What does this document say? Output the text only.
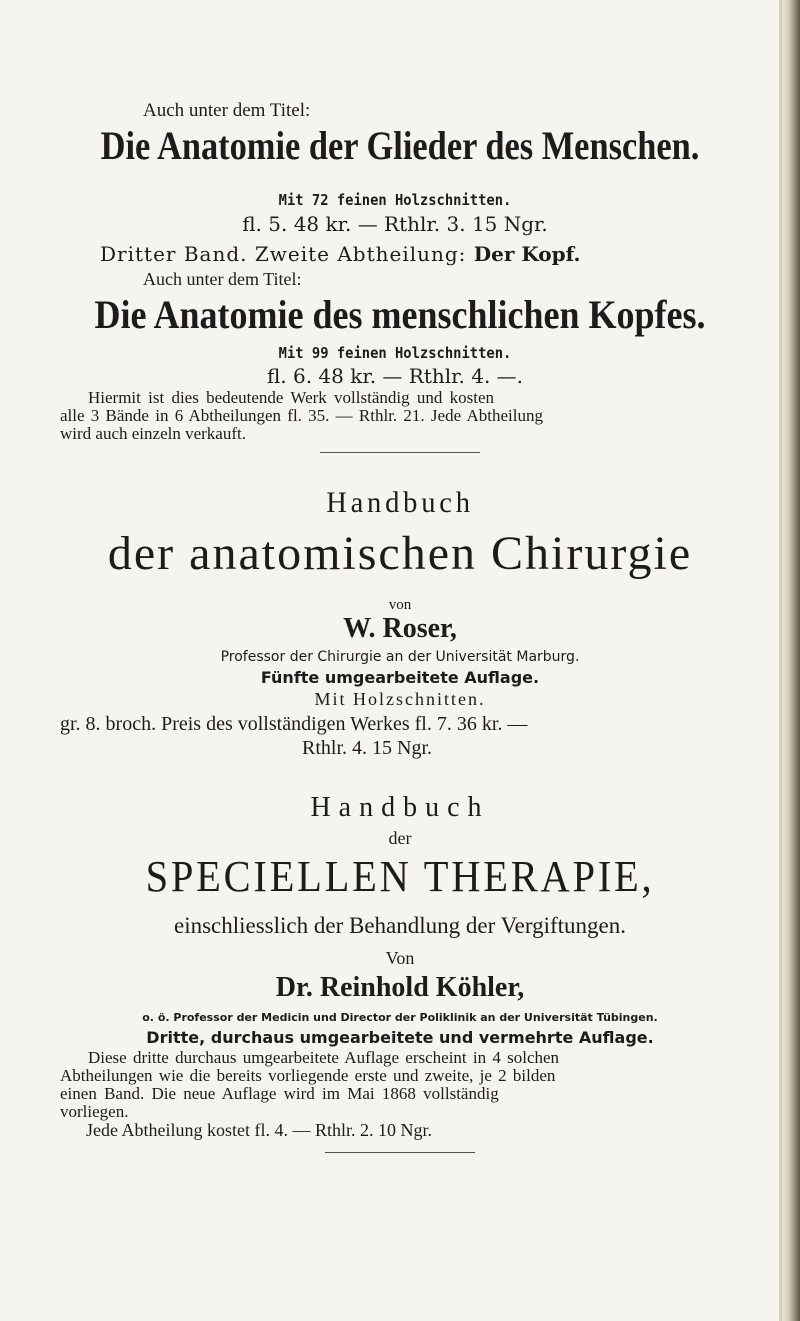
Auch unter dem Titel:
Die Anatomie der Glieder des Menschen.
Mit 72 feinen Holzschnitten.
fl. 5. 48 kr. — Rthlr. 3. 15 Ngr.
Dritter Band. Zweite Abtheilung: Der Kopf.
Auch unter dem Titel:
Die Anatomie des menschlichen Kopfes.
Mit 99 feinen Holzschnitten.
fl. 6. 48 kr. — Rthlr. 4. —.
Hiermit ist dies bedeutende Werk vollständig und kosten
alle 3 Bände in 6 Abtheilungen fl. 35. — Rthlr. 21. Jede Abtheilung
wird auch einzeln verkauft.
Handbuch
der anatomischen Chirurgie
von
W. Roser,
Professor der Chirurgie an der Universität Marburg.
Fünfte umgearbeitete Auflage.
Mit Holzschnitten.
gr. 8. broch. Preis des vollständigen Werkes fl. 7. 36 kr. —
Rthlr. 4. 15 Ngr.
Handbuch
der
SPECIELLEN THERAPIE,
einschliesslich der Behandlung der Vergiftungen.
Von
Dr. Reinhold Köhler,
o. ö. Professor der Medicin und Director der Poliklinik an der Universität Tübingen.
Dritte, durchaus umgearbeitete und vermehrte Auflage.
Diese dritte durchaus umgearbeitete Auflage erscheint in 4 solchen
Abtheilungen wie die bereits vorliegende erste und zweite, je 2 bilden
einen Band. Die neue Auflage wird im Mai 1868 vollständig
vorliegen.
Jede Abtheilung kostet fl. 4. — Rthlr. 2. 10 Ngr.
